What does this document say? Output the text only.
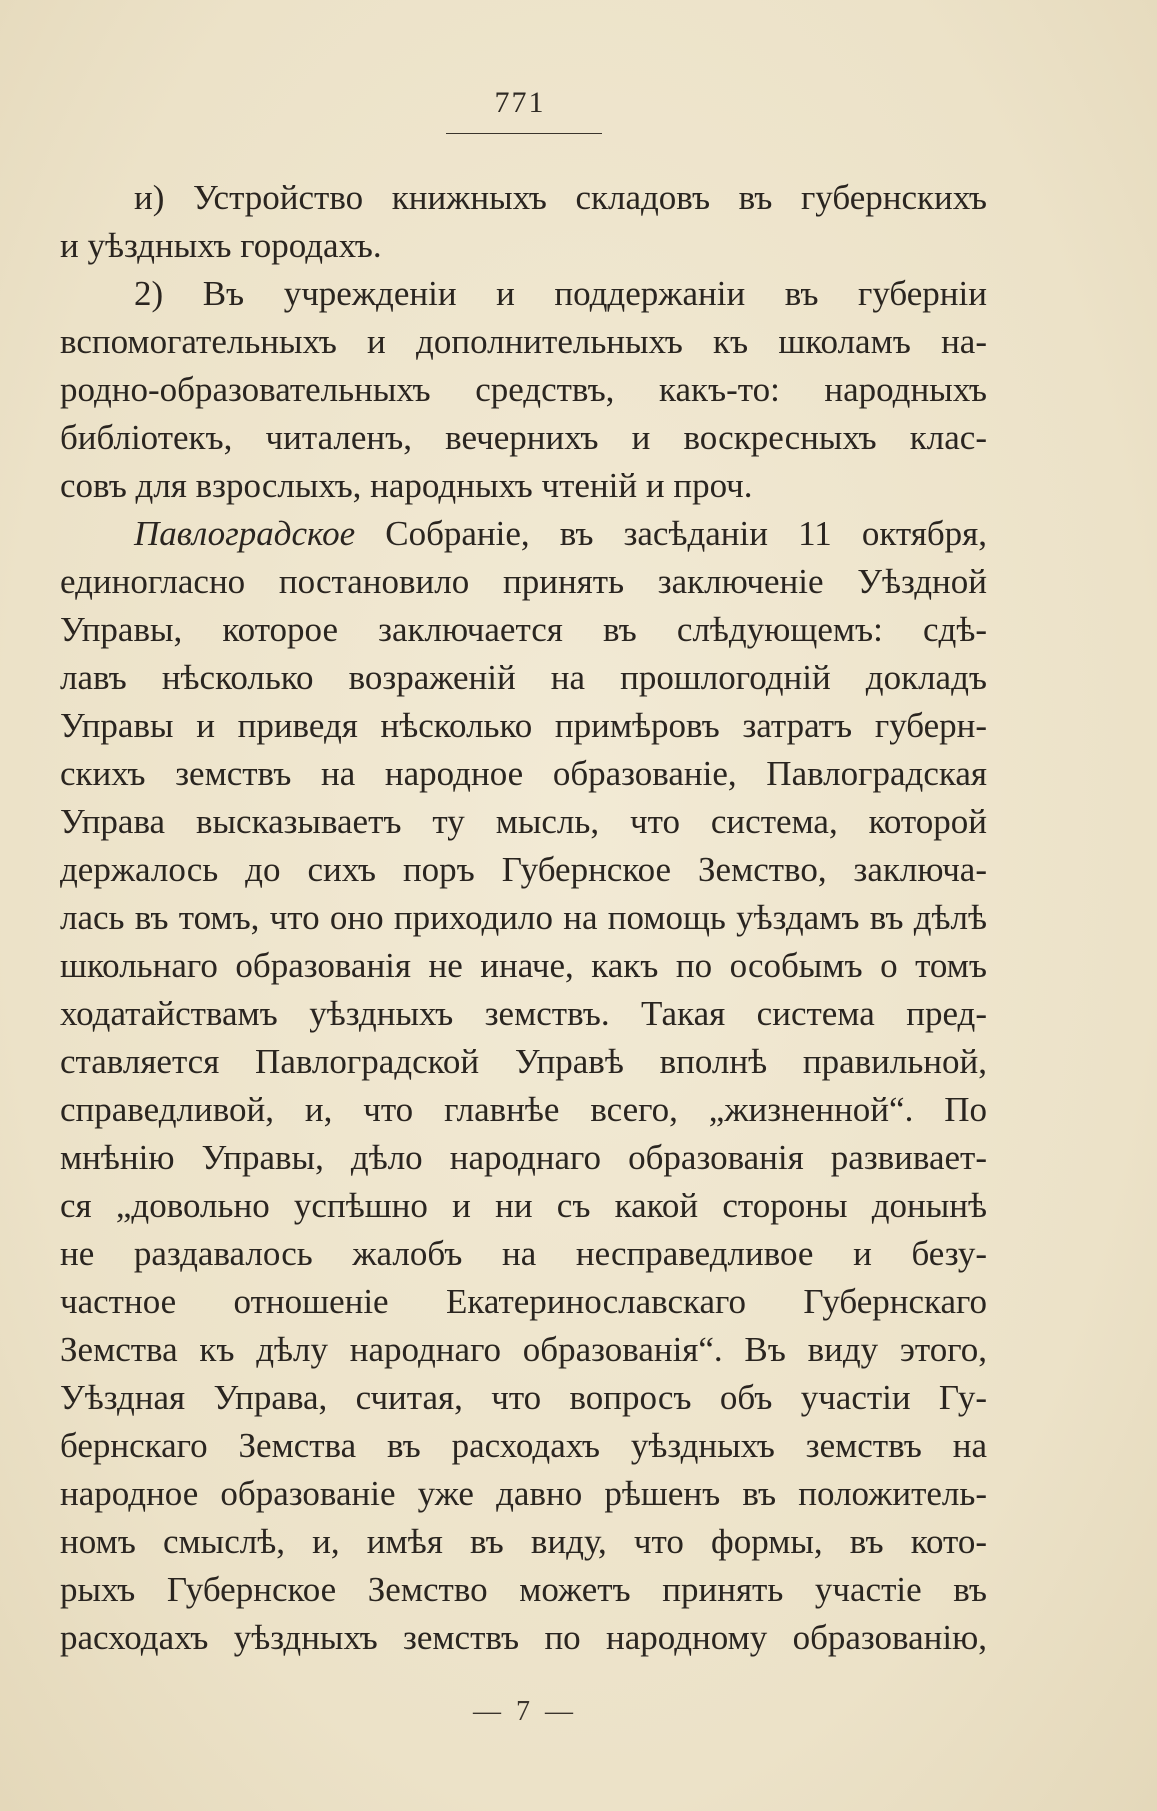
771
и) Устройство книжныхъ складовъ въ губернскихъ
и уѣздныхъ городахъ.
2) Въ учрежденіи и поддержаніи въ губерніи
вспомогательныхъ и дополнительныхъ къ школамъ на-
родно-образовательныхъ средствъ, какъ-то: народныхъ
библіотекъ, читаленъ, вечернихъ и воскресныхъ клас-
совъ для взрослыхъ, народныхъ чтеній и проч.
Павлоградское Собраніе, въ засѣданіи 11 октября,
единогласно постановило принять заключеніе Уѣздной
Управы, которое заключается въ слѣдующемъ: сдѣ-
лавъ нѣсколько возраженій на прошлогодній докладъ
Управы и приведя нѣсколько примѣровъ затратъ губерн-
скихъ земствъ на народное образованіе, Павлоградская
Управа высказываетъ ту мысль, что система, которой
держалось до сихъ поръ Губернское Земство, заключа-
лась въ томъ, что оно приходило на помощь уѣздамъ въ дѣлѣ
школьнаго образованія не иначе, какъ по особымъ о томъ
ходатайствамъ уѣздныхъ земствъ. Такая система пред-
ставляется Павлоградской Управѣ вполнѣ правильной,
справедливой, и, что главнѣе всего, „жизненной“. По
мнѣнію Управы, дѣло народнаго образованія развивает-
ся „довольно успѣшно и ни съ какой стороны донынѣ
не раздавалось жалобъ на несправедливое и безу-
частное отношеніе Екатеринославскаго Губернскаго
Земства къ дѣлу народнаго образованія“. Въ виду этого,
Уѣздная Управа, считая, что вопросъ объ участіи Гу-
бернскаго Земства въ расходахъ уѣздныхъ земствъ на
народное образованіе уже давно рѣшенъ въ положитель-
номъ смыслѣ, и, имѣя въ виду, что формы, въ кото-
рыхъ Губернское Земство можетъ принять участіе въ
расходахъ уѣздныхъ земствъ по народному образованію,
— 7 —
